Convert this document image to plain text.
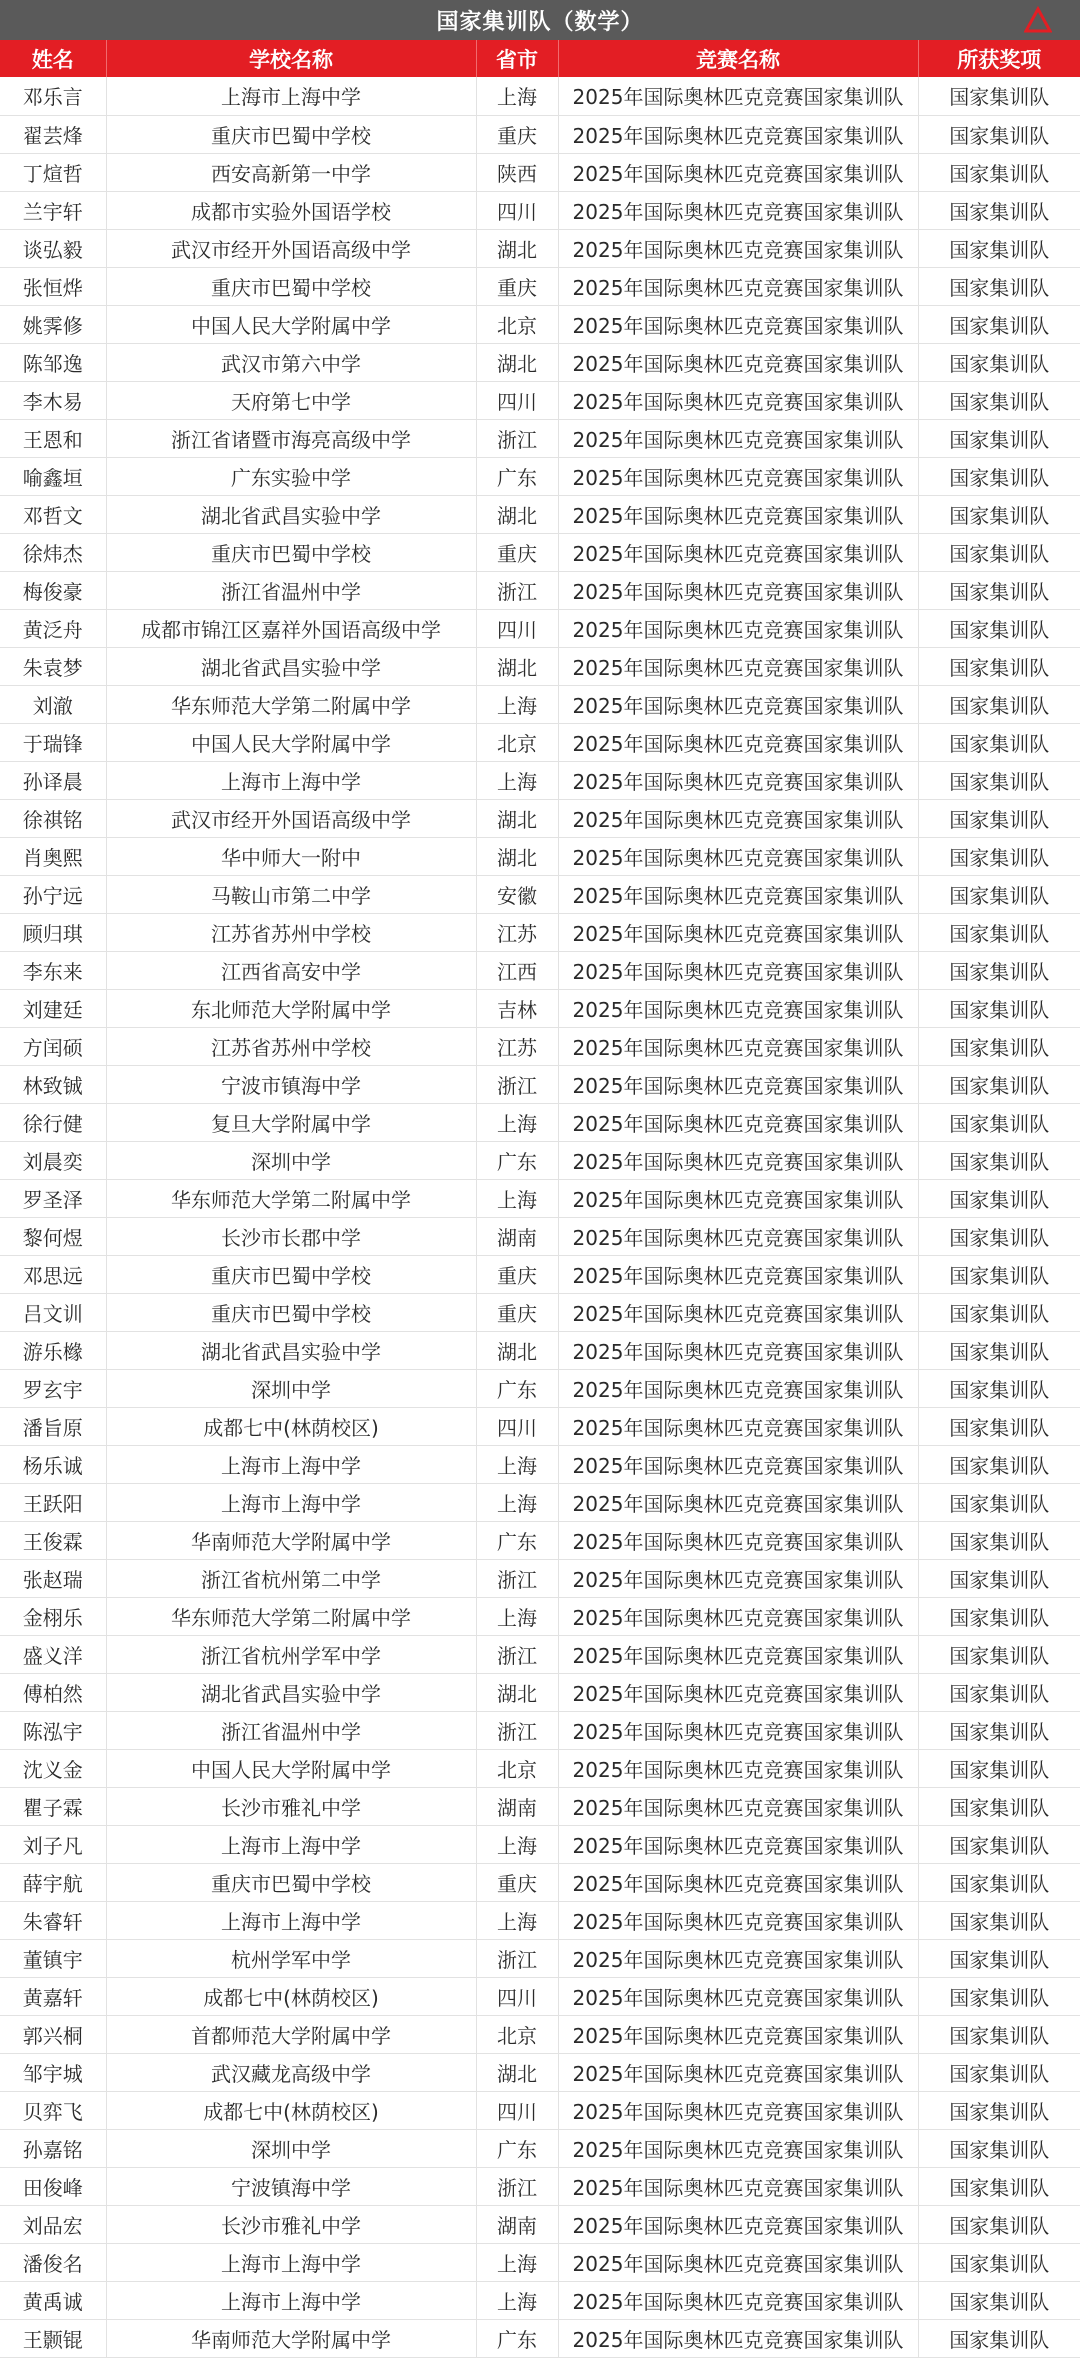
国家集训队（数学）
姓名	学校名称	省市	竞赛名称	所获奖项
邓乐言	上海市上海中学	上海	2025年国际奥林匹克竞赛国家集训队	国家集训队
翟芸烽	重庆市巴蜀中学校	重庆	2025年国际奥林匹克竞赛国家集训队	国家集训队
丁煊哲	西安高新第一中学	陕西	2025年国际奥林匹克竞赛国家集训队	国家集训队
兰宇轩	成都市实验外国语学校	四川	2025年国际奥林匹克竞赛国家集训队	国家集训队
谈弘毅	武汉市经开外国语高级中学	湖北	2025年国际奥林匹克竞赛国家集训队	国家集训队
张恒烨	重庆市巴蜀中学校	重庆	2025年国际奥林匹克竞赛国家集训队	国家集训队
姚霁修	中国人民大学附属中学	北京	2025年国际奥林匹克竞赛国家集训队	国家集训队
陈邹逸	武汉市第六中学	湖北	2025年国际奥林匹克竞赛国家集训队	国家集训队
李木易	天府第七中学	四川	2025年国际奥林匹克竞赛国家集训队	国家集训队
王恩和	浙江省诸暨市海亮高级中学	浙江	2025年国际奥林匹克竞赛国家集训队	国家集训队
喻鑫垣	广东实验中学	广东	2025年国际奥林匹克竞赛国家集训队	国家集训队
邓哲文	湖北省武昌实验中学	湖北	2025年国际奥林匹克竞赛国家集训队	国家集训队
徐炜杰	重庆市巴蜀中学校	重庆	2025年国际奥林匹克竞赛国家集训队	国家集训队
梅俊豪	浙江省温州中学	浙江	2025年国际奥林匹克竞赛国家集训队	国家集训队
黄泛舟	成都市锦江区嘉祥外国语高级中学	四川	2025年国际奥林匹克竞赛国家集训队	国家集训队
朱袁梦	湖北省武昌实验中学	湖北	2025年国际奥林匹克竞赛国家集训队	国家集训队
刘澈	华东师范大学第二附属中学	上海	2025年国际奥林匹克竞赛国家集训队	国家集训队
于瑞锋	中国人民大学附属中学	北京	2025年国际奥林匹克竞赛国家集训队	国家集训队
孙译晨	上海市上海中学	上海	2025年国际奥林匹克竞赛国家集训队	国家集训队
徐祺铭	武汉市经开外国语高级中学	湖北	2025年国际奥林匹克竞赛国家集训队	国家集训队
肖奥熙	华中师大一附中	湖北	2025年国际奥林匹克竞赛国家集训队	国家集训队
孙宁远	马鞍山市第二中学	安徽	2025年国际奥林匹克竞赛国家集训队	国家集训队
顾归琪	江苏省苏州中学校	江苏	2025年国际奥林匹克竞赛国家集训队	国家集训队
李东来	江西省高安中学	江西	2025年国际奥林匹克竞赛国家集训队	国家集训队
刘建廷	东北师范大学附属中学	吉林	2025年国际奥林匹克竞赛国家集训队	国家集训队
方闰硕	江苏省苏州中学校	江苏	2025年国际奥林匹克竞赛国家集训队	国家集训队
林致铖	宁波市镇海中学	浙江	2025年国际奥林匹克竞赛国家集训队	国家集训队
徐行健	复旦大学附属中学	上海	2025年国际奥林匹克竞赛国家集训队	国家集训队
刘晨奕	深圳中学	广东	2025年国际奥林匹克竞赛国家集训队	国家集训队
罗圣泽	华东师范大学第二附属中学	上海	2025年国际奥林匹克竞赛国家集训队	国家集训队
黎何煜	长沙市长郡中学	湖南	2025年国际奥林匹克竞赛国家集训队	国家集训队
邓思远	重庆市巴蜀中学校	重庆	2025年国际奥林匹克竞赛国家集训队	国家集训队
吕文训	重庆市巴蜀中学校	重庆	2025年国际奥林匹克竞赛国家集训队	国家集训队
游乐橼	湖北省武昌实验中学	湖北	2025年国际奥林匹克竞赛国家集训队	国家集训队
罗玄宇	深圳中学	广东	2025年国际奥林匹克竞赛国家集训队	国家集训队
潘旨原	成都七中(林荫校区)	四川	2025年国际奥林匹克竞赛国家集训队	国家集训队
杨乐诚	上海市上海中学	上海	2025年国际奥林匹克竞赛国家集训队	国家集训队
王跃阳	上海市上海中学	上海	2025年国际奥林匹克竞赛国家集训队	国家集训队
王俊霖	华南师范大学附属中学	广东	2025年国际奥林匹克竞赛国家集训队	国家集训队
张赵瑞	浙江省杭州第二中学	浙江	2025年国际奥林匹克竞赛国家集训队	国家集训队
金栩乐	华东师范大学第二附属中学	上海	2025年国际奥林匹克竞赛国家集训队	国家集训队
盛义洋	浙江省杭州学军中学	浙江	2025年国际奥林匹克竞赛国家集训队	国家集训队
傅柏然	湖北省武昌实验中学	湖北	2025年国际奥林匹克竞赛国家集训队	国家集训队
陈泓宇	浙江省温州中学	浙江	2025年国际奥林匹克竞赛国家集训队	国家集训队
沈义金	中国人民大学附属中学	北京	2025年国际奥林匹克竞赛国家集训队	国家集训队
瞿子霖	长沙市雅礼中学	湖南	2025年国际奥林匹克竞赛国家集训队	国家集训队
刘子凡	上海市上海中学	上海	2025年国际奥林匹克竞赛国家集训队	国家集训队
薛宇航	重庆市巴蜀中学校	重庆	2025年国际奥林匹克竞赛国家集训队	国家集训队
朱睿轩	上海市上海中学	上海	2025年国际奥林匹克竞赛国家集训队	国家集训队
董镇宇	杭州学军中学	浙江	2025年国际奥林匹克竞赛国家集训队	国家集训队
黄嘉轩	成都七中(林荫校区)	四川	2025年国际奥林匹克竞赛国家集训队	国家集训队
郭兴桐	首都师范大学附属中学	北京	2025年国际奥林匹克竞赛国家集训队	国家集训队
邹宇城	武汉藏龙高级中学	湖北	2025年国际奥林匹克竞赛国家集训队	国家集训队
贝弈飞	成都七中(林荫校区)	四川	2025年国际奥林匹克竞赛国家集训队	国家集训队
孙嘉铭	深圳中学	广东	2025年国际奥林匹克竞赛国家集训队	国家集训队
田俊峰	宁波镇海中学	浙江	2025年国际奥林匹克竞赛国家集训队	国家集训队
刘品宏	长沙市雅礼中学	湖南	2025年国际奥林匹克竞赛国家集训队	国家集训队
潘俊名	上海市上海中学	上海	2025年国际奥林匹克竞赛国家集训队	国家集训队
黄禹诚	上海市上海中学	上海	2025年国际奥林匹克竞赛国家集训队	国家集训队
王颢锟	华南师范大学附属中学	广东	2025年国际奥林匹克竞赛国家集训队	国家集训队
